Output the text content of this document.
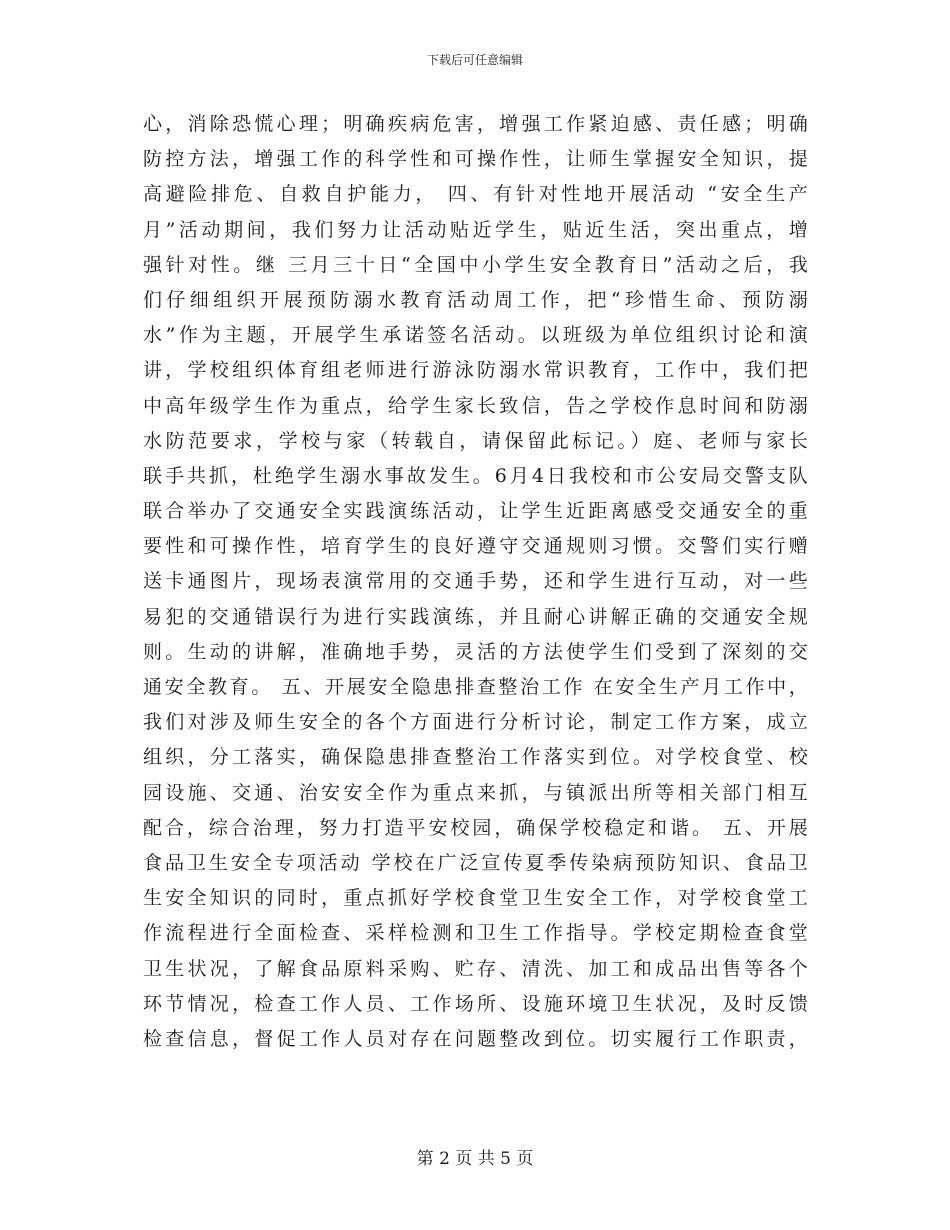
下载后可任意编辑
心，消除恐慌心理；明确疾病危害，增强工作紧迫感、责任感；明确
防控方法，增强工作的科学性和可操作性，让师生掌握安全知识，提
高避险排危、自救自护能力， 四、有针对性地开展活动 “安全生产
月”活动期间，我们努力让活动贴近学生，贴近生活，突出重点，增
强针对性。继 三月三十日“全国中小学生安全教育日”活动之后，我
们仔细组织开展预防溺水教育活动周工作，把“珍惜生命、预防溺
水”作为主题，开展学生承诺签名活动。以班级为单位组织讨论和演
讲，学校组织体育组老师进行游泳防溺水常识教育，工作中，我们把
中高年级学生作为重点，给学生家长致信，告之学校作息时间和防溺
水防范要求，学校与家（转载自，请保留此标记。）庭、老师与家长
联手共抓，杜绝学生溺水事故发生。6月4日我校和市公安局交警支队
联合举办了交通安全实践演练活动，让学生近距离感受交通安全的重
要性和可操作性，培育学生的良好遵守交通规则习惯。交警们实行赠
送卡通图片，现场表演常用的交通手势，还和学生进行互动，对一些
易犯的交通错误行为进行实践演练，并且耐心讲解正确的交通安全规
则。生动的讲解，准确地手势，灵活的方法使学生们受到了深刻的交
通安全教育。 五、开展安全隐患排查整治工作 在安全生产月工作中，
我们对涉及师生安全的各个方面进行分析讨论，制定工作方案，成立
组织，分工落实，确保隐患排查整治工作落实到位。对学校食堂、校
园设施、交通、治安安全作为重点来抓，与镇派出所等相关部门相互
配合，综合治理，努力打造平安校园，确保学校稳定和谐。 五、开展
食品卫生安全专项活动 学校在广泛宣传夏季传染病预防知识、食品卫
生安全知识的同时，重点抓好学校食堂卫生安全工作，对学校食堂工
作流程进行全面检查、采样检测和卫生工作指导。学校定期检查食堂
卫生状况，了解食品原料采购、贮存、清洗、加工和成品出售等各个
环节情况，检查工作人员、工作场所、设施环境卫生状况，及时反馈
检查信息，督促工作人员对存在问题整改到位。切实履行工作职责，
第 2 页 共 5 页
